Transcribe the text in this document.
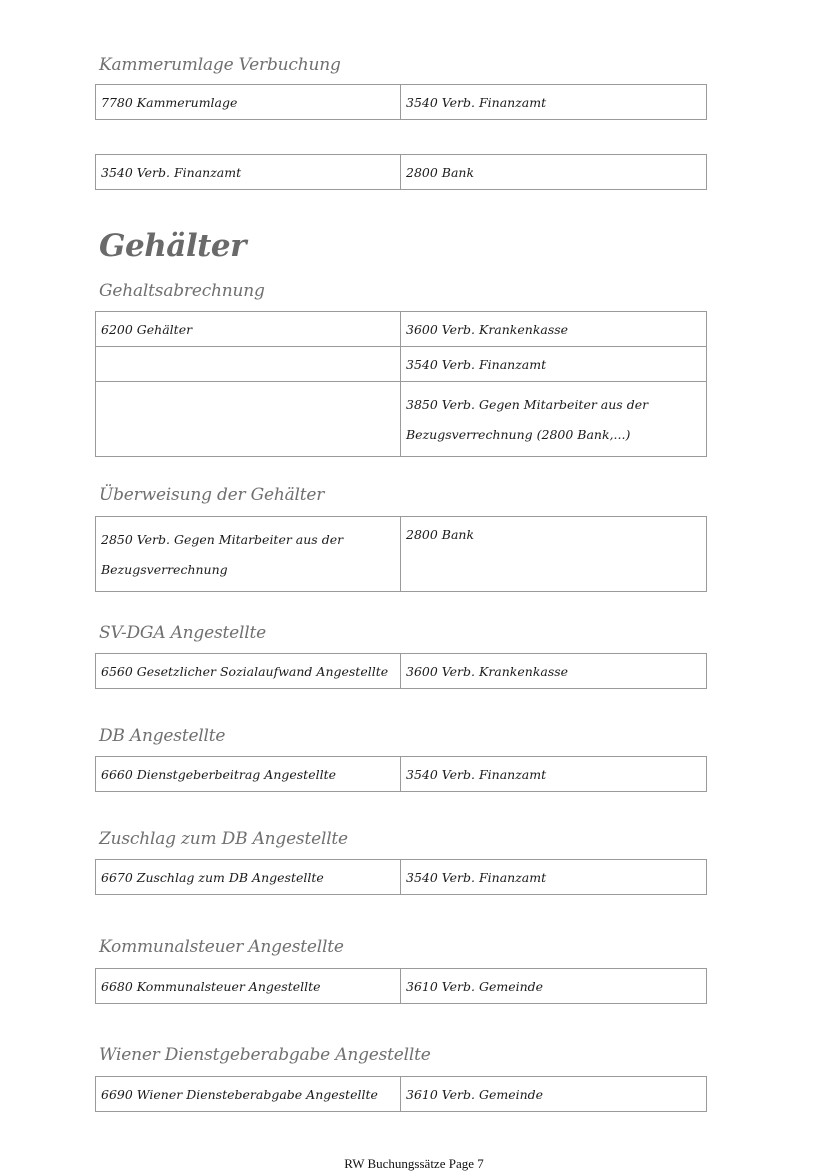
Kammerumlage Verbuchung
7780 Kammerumlage	3540 Verb. Finanzamt
3540 Verb. Finanzamt	2800 Bank
Gehälter
Gehaltsabrechnung
6200 Gehälter	3600 Verb. Krankenkasse
	3540 Verb. Finanzamt
	3850 Verb. Gegen Mitarbeiter aus der Bezugsverrechnung (2800 Bank,...)
Überweisung der Gehälter
2850 Verb. Gegen Mitarbeiter aus der Bezugsverrechnung	2800 Bank
SV-DGA Angestellte
6560 Gesetzlicher Sozialaufwand Angestellte	3600 Verb. Krankenkasse
DB Angestellte
6660 Dienstgeberbeitrag Angestellte	3540 Verb. Finanzamt
Zuschlag zum DB Angestellte
6670 Zuschlag zum DB Angestellte	3540 Verb. Finanzamt
Kommunalsteuer Angestellte
6680 Kommunalsteuer Angestellte	3610 Verb. Gemeinde
Wiener Dienstgeberabgabe Angestellte
6690 Wiener Diensteberabgabe Angestellte	3610 Verb. Gemeinde
RW Buchungssätze Page 7
